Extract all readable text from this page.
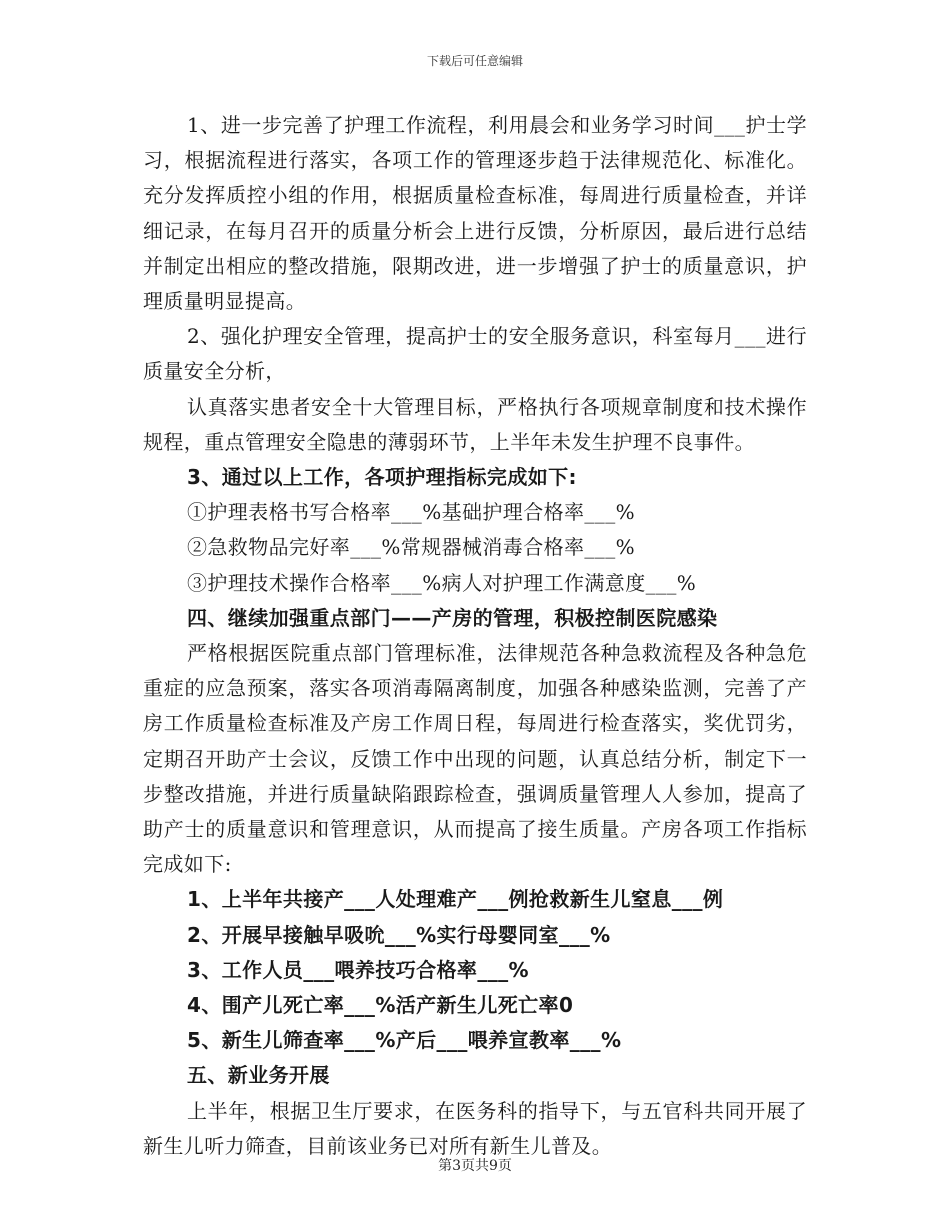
下载后可任意编辑

1、进一步完善了护理工作流程，利用晨会和业务学习时间___护士学习，根据流程进行落实，各项工作的管理逐步趋于法律规范化、标准化。充分发挥质控小组的作用，根据质量检查标准，每周进行质量检查，并详细记录，在每月召开的质量分析会上进行反馈，分析原因，最后进行总结并制定出相应的整改措施，限期改进，进一步增强了护士的质量意识，护理质量明显提高。

2、强化护理安全管理，提高护士的安全服务意识，科室每月___进行质量安全分析，

认真落实患者安全十大管理目标，严格执行各项规章制度和技术操作规程，重点管理安全隐患的薄弱环节，上半年未发生护理不良事件。

3、通过以上工作，各项护理指标完成如下:

①护理表格书写合格率___%基础护理合格率___%

②急救物品完好率___%常规器械消毒合格率___%

③护理技术操作合格率___%病人对护理工作满意度___%

四、继续加强重点部门——产房的管理，积极控制医院感染

严格根据医院重点部门管理标准，法律规范各种急救流程及各种急危重症的应急预案，落实各项消毒隔离制度，加强各种感染监测，完善了产房工作质量检查标准及产房工作周日程，每周进行检查落实，奖优罚劣，定期召开助产士会议，反馈工作中出现的问题，认真总结分析，制定下一步整改措施，并进行质量缺陷跟踪检查，强调质量管理人人参加，提高了助产士的质量意识和管理意识，从而提高了接生质量。产房各项工作指标完成如下:

1、上半年共接产___人处理难产___例抢救新生儿窒息___例

2、开展早接触早吸吮___%实行母婴同室___%

3、工作人员___喂养技巧合格率___%

4、围产儿死亡率___%活产新生儿死亡率0

5、新生儿筛查率___%产后___喂养宣教率___%

五、新业务开展

上半年，根据卫生厅要求，在医务科的指导下，与五官科共同开展了新生儿听力筛查，目前该业务已对所有新生儿普及。

第3页共9页
